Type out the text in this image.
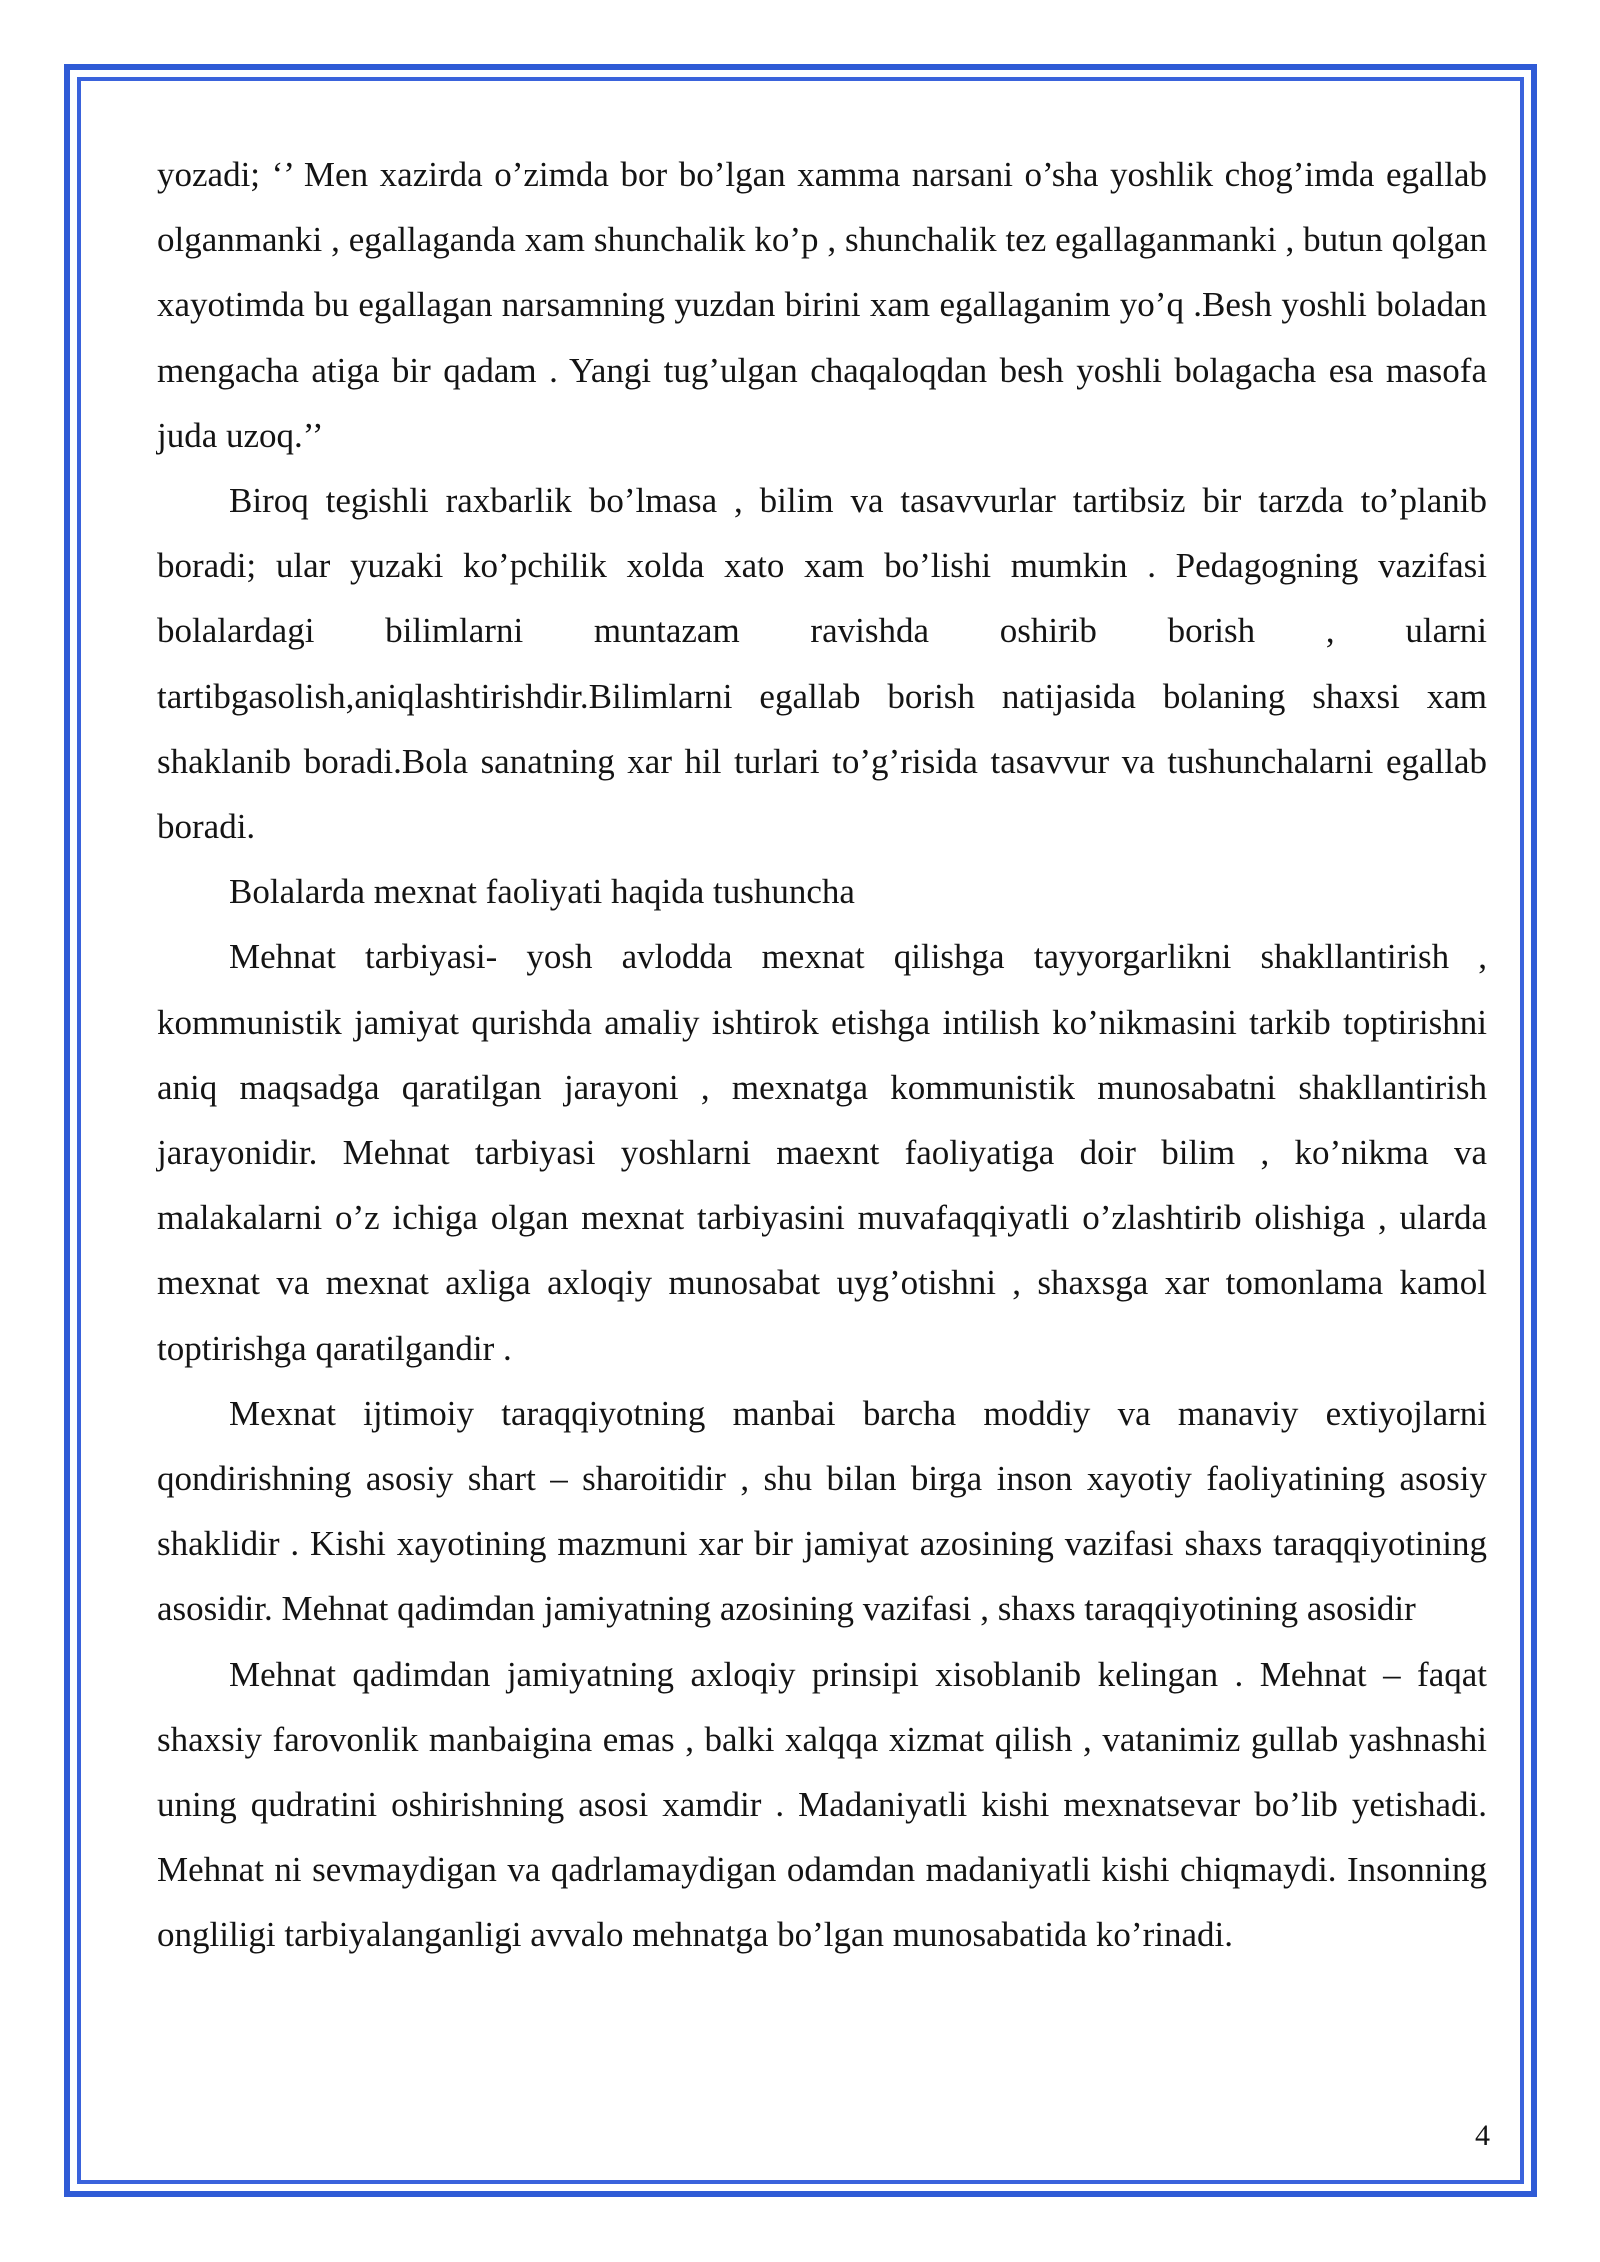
yozadi; ‘’ Men xazirda o’zimda bor bo’lgan xamma narsani o’sha yoshlik chog’imda egallab olganmanki , egallaganda xam shunchalik ko’p , shunchalik tez egallaganmanki , butun qolgan xayotimda bu egallagan narsamning yuzdan birini xam egallaganim yo’q .Besh yoshli boladan mengacha atiga bir qadam . Yangi tug’ulgan chaqaloqdan besh yoshli bolagacha esa masofa juda uzoq.’’

Biroq tegishli raxbarlik bo’lmasa , bilim va tasavvurlar tartibsiz bir tarzda to’planib boradi; ular yuzaki ko’pchilik xolda xato xam bo’lishi mumkin . Pedagogning vazifasi bolalardagi bilimlarni muntazam ravishda oshirib borish , ularni tartibgasolish,aniqlashtirishdir.Bilimlarni egallab borish natijasida bolaning shaxsi xam shaklanib boradi.Bola sanatning xar hil turlari to’g’risida tasavvur va tushunchalarni egallab boradi.

Bolalarda mexnat faoliyati haqida tushuncha

Mehnat tarbiyasi- yosh avlodda mexnat qilishga tayyorgarlikni shakllantirish , kommunistik jamiyat qurishda amaliy ishtirok etishga intilish ko’nikmasini tarkib toptirishni aniq maqsadga qaratilgan jarayoni , mexnatga kommunistik munosabatni shakllantirish jarayonidir. Mehnat tarbiyasi yoshlarni maexnt faoliyatiga doir bilim , ko’nikma va malakalarni o’z ichiga olgan mexnat tarbiyasini muvafaqqiyatli o’zlashtirib olishiga , ularda mexnat va mexnat axliga axloqiy munosabat uyg’otishni , shaxsga xar tomonlama kamol toptirishga qaratilgandir .

Mexnat ijtimoiy taraqqiyotning manbai barcha moddiy va manaviy extiyojlarni qondirishning asosiy shart – sharoitidir , shu bilan birga inson xayotiy faoliyatining asosiy shaklidir . Kishi xayotining mazmuni xar bir jamiyat azosining vazifasi shaxs taraqqiyotining asosidir. Mehnat qadimdan jamiyatning azosining vazifasi , shaxs taraqqiyotining asosidir

Mehnat qadimdan jamiyatning axloqiy prinsipi xisoblanib kelingan . Mehnat – faqat shaxsiy farovonlik manbaigina emas , balki xalqqa xizmat qilish , vatanimiz gullab yashnashi uning qudratini oshirishning asosi xamdir . Madaniyatli kishi mexnatsevar bo’lib yetishadi. Mehnat ni sevmaydigan va qadrlamaydigan odamdan madaniyatli kishi chiqmaydi. Insonning ongliligi tarbiyalanganligi avvalo mehnatga bo’lgan munosabatida ko’rinadi.

4
